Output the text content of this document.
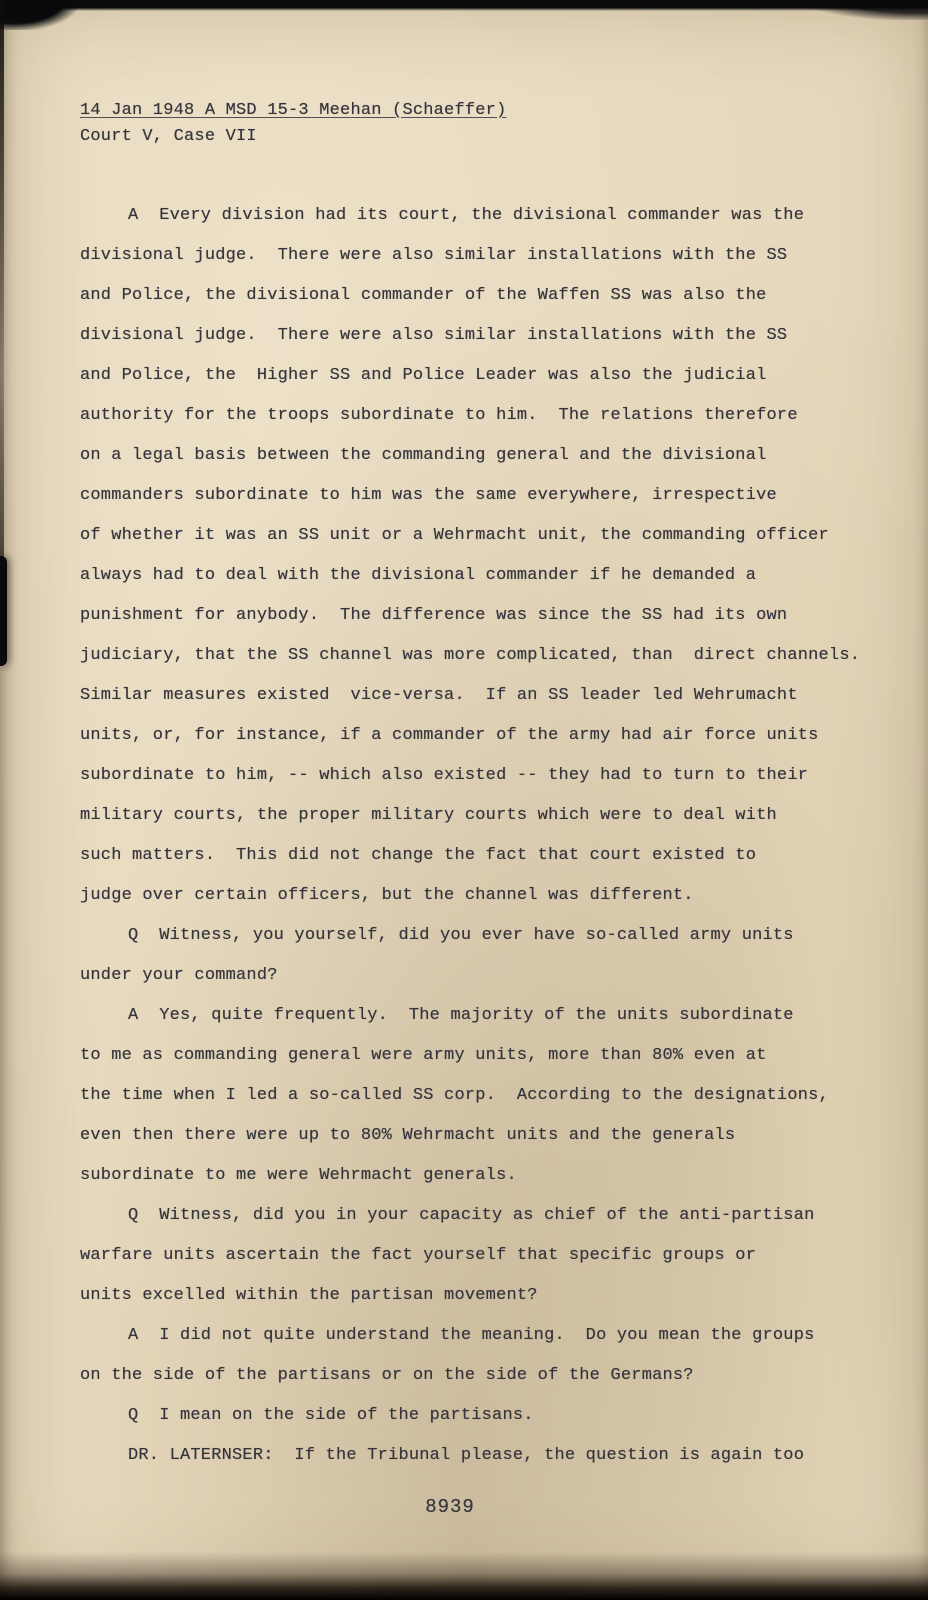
14 Jan 1948 A MSD 15-3 Meehan (Schaeffer)
Court V, Case VII
A  Every division had its court, the divisional commander was the
divisional judge.  There were also similar installations with the SS
and Police, the divisional commander of the Waffen SS was also the
divisional judge.  There were also similar installations with the SS
and Police, the  Higher SS and Police Leader was also the judicial
authority for the troops subordinate to him.  The relations therefore
on a legal basis between the commanding general and the divisional
commanders subordinate to him was the same everywhere, irrespective
of whether it was an SS unit or a Wehrmacht unit, the commanding officer
always had to deal with the divisional commander if he demanded a
punishment for anybody.  The difference was since the SS had its own
judiciary, that the SS channel was more complicated, than  direct channels.
Similar measures existed  vice-versa.  If an SS leader led Wehrumacht
units, or, for instance, if a commander of the army had air force units
subordinate to him, -- which also existed -- they had to turn to their
military courts, the proper military courts which were to deal with
such matters.  This did not change the fact that court existed to
judge over certain officers, but the channel was different.
Q  Witness, you yourself, did you ever have so-called army units
under your command?
A  Yes, quite frequently.  The majority of the units subordinate
to me as commanding general were army units, more than 80% even at
the time when I led a so-called SS corp.  According to the designations,
even then there were up to 80% Wehrmacht units and the generals
subordinate to me were Wehrmacht generals.
Q  Witness, did you in your capacity as chief of the anti-partisan
warfare units ascertain the fact yourself that specific groups or
units excelled within the partisan movement?
A  I did not quite understand the meaning.  Do you mean the groups
on the side of the partisans or on the side of the Germans?
Q  I mean on the side of the partisans.
DR. LATERNSER:  If the Tribunal please, the question is again too
8939
